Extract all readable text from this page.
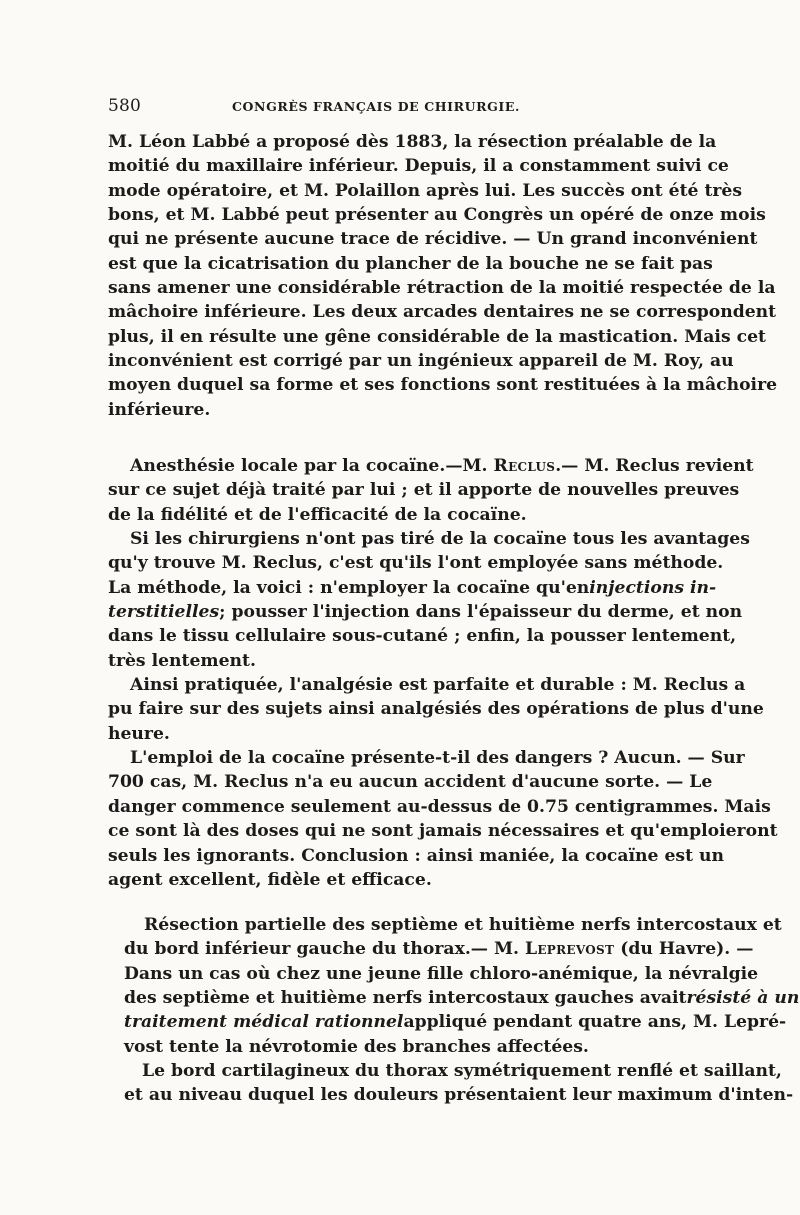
580	CONGRÈS FRANÇAIS DE CHIRURGIE.
M. Léon Labbé a proposé dès 1883, la résection préalable de la
moitié du maxillaire inférieur. Depuis, il a constamment suivi ce
mode opératoire, et M. Polaillon après lui. Les succès ont été très
bons, et M. Labbé peut présenter au Congrès un opéré de onze mois
qui ne présente aucune trace de récidive. — Un grand inconvénient
est que la cicatrisation du plancher de la bouche ne se fait pas
sans amener une considérable rétraction de la moitié respectée de la
mâchoire inférieure. Les deux arcades dentaires ne se correspondent
plus, il en résulte une gêne considérable de la mastication. Mais cet
inconvénient est corrigé par un ingénieux appareil de M. Roy, au
moyen duquel sa forme et ses fonctions sont restituées à la mâchoire
inférieure.
Anesthésie locale par la cocaïne.— M. Reclus.— M. Reclus revient
sur ce sujet déjà traité par lui ; et il apporte de nouvelles preuves
de la fidélité et de l'efficacité de la cocaïne.
Si les chirurgiens n'ont pas tiré de la cocaïne tous les avantages
qu'y trouve M. Reclus, c'est qu'ils l'ont employée sans méthode.
La méthode, la voici : n'employer la cocaïne qu'en injections in-
terstitielles; pousser l'injection dans l'épaisseur du derme, et non
dans le tissu cellulaire sous-cutané ; enfin, la pousser lentement,
très lentement.
Ainsi pratiquée, l'analgésie est parfaite et durable : M. Reclus a
pu faire sur des sujets ainsi analgésiés des opérations de plus d'une
heure.
L'emploi de la cocaïne présente-t-il des dangers ? Aucun. — Sur
700 cas, M. Reclus n'a eu aucun accident d'aucune sorte. — Le
danger commence seulement au-dessus de 0.75 centigrammes. Mais
ce sont là des doses qui ne sont jamais nécessaires et qu'emploieront
seuls les ignorants. Conclusion : ainsi maniée, la cocaïne est un
agent excellent, fidèle et efficace.
Résection partielle des septième et huitième nerfs intercostaux et
du bord inférieur gauche du thorax. — M. Leprevost (du Havre). —
Dans un cas où chez une jeune fille chloro-anémique, la névralgie
des septième et huitième nerfs intercostaux gauches avait résisté à un
traitement médical rationnel appliqué pendant quatre ans, M. Lepré-
vost tente la névrotomie des branches affectées.
Le bord cartilagineux du thorax symétriquement renflé et saillant,
et au niveau duquel les douleurs présentaient leur maximum d'inten-
